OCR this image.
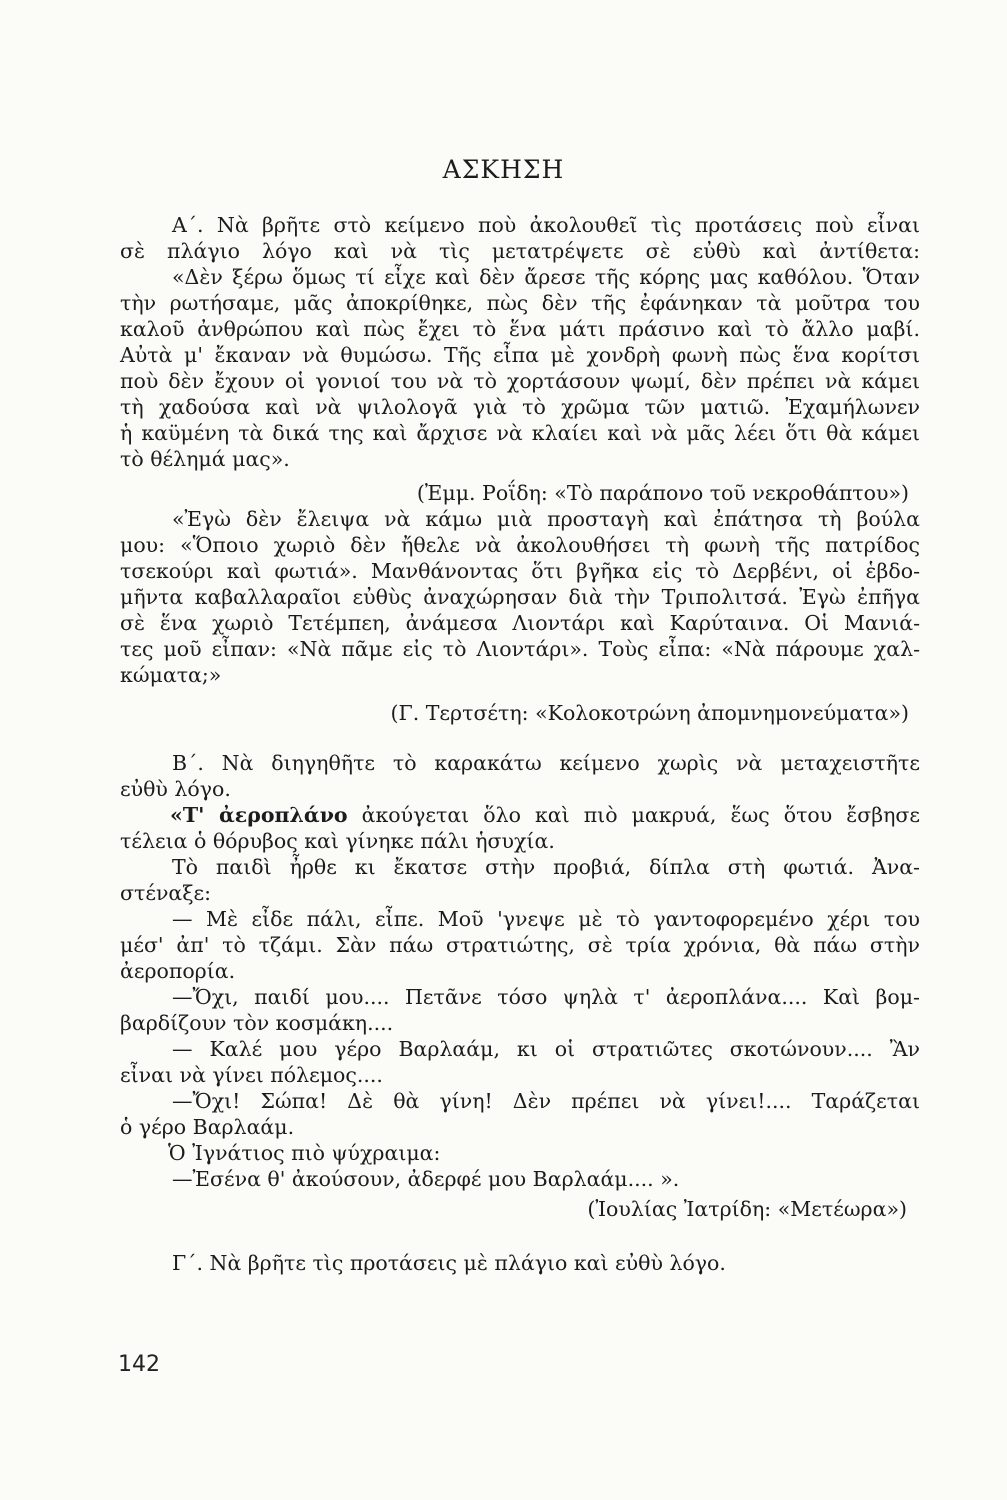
ΑΣΚΗΣΗ
Α΄. Νὰ βρῆτε στὸ κείμενο ποὺ ἀκολουθεῖ τὶς προτάσεις ποὺ εἶναι
σὲ πλάγιο λόγο καὶ νὰ τὶς μετατρέψετε σὲ εὐθὺ καὶ ἀντίθετα:
«Δὲν ξέρω ὅμως τί εἶχε καὶ δὲν ἄρεσε τῆς κόρης μας καθόλου. Ὅταν
τὴν ρωτήσαμε, μᾶς ἀποκρίθηκε, πὼς δὲν τῆς ἐφάνηκαν τὰ μοῦτρα του
καλοῦ ἀνθρώπου καὶ πὼς ἔχει τὸ ἕνα μάτι πράσινο καὶ τὸ ἄλλο μαβί.
Αὐτὰ μ' ἔκαναν νὰ θυμώσω. Τῆς εἶπα μὲ χονδρὴ φωνὴ πὼς ἕνα κορίτσι
ποὺ δὲν ἔχουν οἱ γονιοί του νὰ τὸ χορτάσουν ψωμί, δὲν πρέπει νὰ κάμει
τὴ χαδούσα καὶ νὰ ψιλολογᾶ γιὰ τὸ χρῶμα τῶν ματιῶ. Ἐχαμήλωνεν
ἡ καϋμένη τὰ δικά της καὶ ἄρχισε νὰ κλαίει καὶ νὰ μᾶς λέει ὅτι θὰ κάμει
τὸ θέλημά μας».
(Ἐμμ. Ροΐδη: «Τὸ παράπονο τοῦ νεκροθάπτου»)
«Ἐγὼ δὲν ἔλειψα νὰ κάμω μιὰ προσταγὴ καὶ ἐπάτησα τὴ βούλα
μου: «Ὅποιο χωριὸ δὲν ἤθελε νὰ ἀκολουθήσει τὴ φωνὴ τῆς πατρίδος
τσεκούρι καὶ φωτιά». Μανθάνοντας ὅτι βγῆκα εἰς τὸ Δερβένι, οἱ ἑβδο-
μῆντα καβαλλαραῖοι εὐθὺς ἀναχώρησαν διὰ τὴν Τριπολιτσά. Ἐγὼ ἐπῆγα
σὲ ἕνα χωριὸ Τετέμπεη, ἀνάμεσα Λιοντάρι καὶ Καρύταινα. Οἱ Μανιά-
τες μοῦ εἶπαν: «Νὰ πᾶμε εἰς τὸ Λιοντάρι». Τοὺς εἶπα: «Νὰ πάρουμε χαλ-
κώματα;»
(Γ. Τερτσέτη: «Κολοκοτρώνη ἀπομνημονεύματα»)
Β΄. Νὰ διηγηθῆτε τὸ καρακάτω κείμενο χωρὶς νὰ μεταχειστῆτε
εὐθὺ λόγο.
«Τ' ἀεροπλάνο ἀκούγεται ὅλο καὶ πιὸ μακρυά, ἕως ὅτου ἔσβησε
τέλεια ὁ θόρυβος καὶ γίνηκε πάλι ἡσυχία.
Τὸ παιδὶ ἦρθε κι ἔκατσε στὴν προβιά, δίπλα στὴ φωτιά. Ἀνα-
στέναξε:
— Μὲ εἶδε πάλι, εἶπε. Μοῦ 'γνεψε μὲ τὸ γαντοφορεμένο χέρι του
μέσ' ἀπ' τὸ τζάμι. Σὰν πάω στρατιώτης, σὲ τρία χρόνια, θὰ πάω στὴν
ἀεροπορία.
—Ὄχι, παιδί μου.... Πετᾶνε τόσο ψηλὰ τ' ἀεροπλάνα.... Καὶ βομ-
βαρδίζουν τὸν κοσμάκη....
— Καλέ μου γέρο Βαρλαάμ, κι οἱ στρατιῶτες σκοτώνουν.... Ἂν
εἶναι νὰ γίνει πόλεμος....
—Ὄχι! Σώπα! Δὲ θὰ γίνη! Δὲν πρέπει νὰ γίνει!.... Ταράζεται
ὁ γέρο Βαρλαάμ.
Ὁ Ἰγνάτιος πιὸ ψύχραιμα:
—Ἐσένα θ' ἀκούσουν, ἀδερφέ μου Βαρλαάμ.... ».
(Ἰουλίας Ἰατρίδη: «Μετέωρα»)
Γ΄. Νὰ βρῆτε τὶς προτάσεις μὲ πλάγιο καὶ εὐθὺ λόγο.
142
